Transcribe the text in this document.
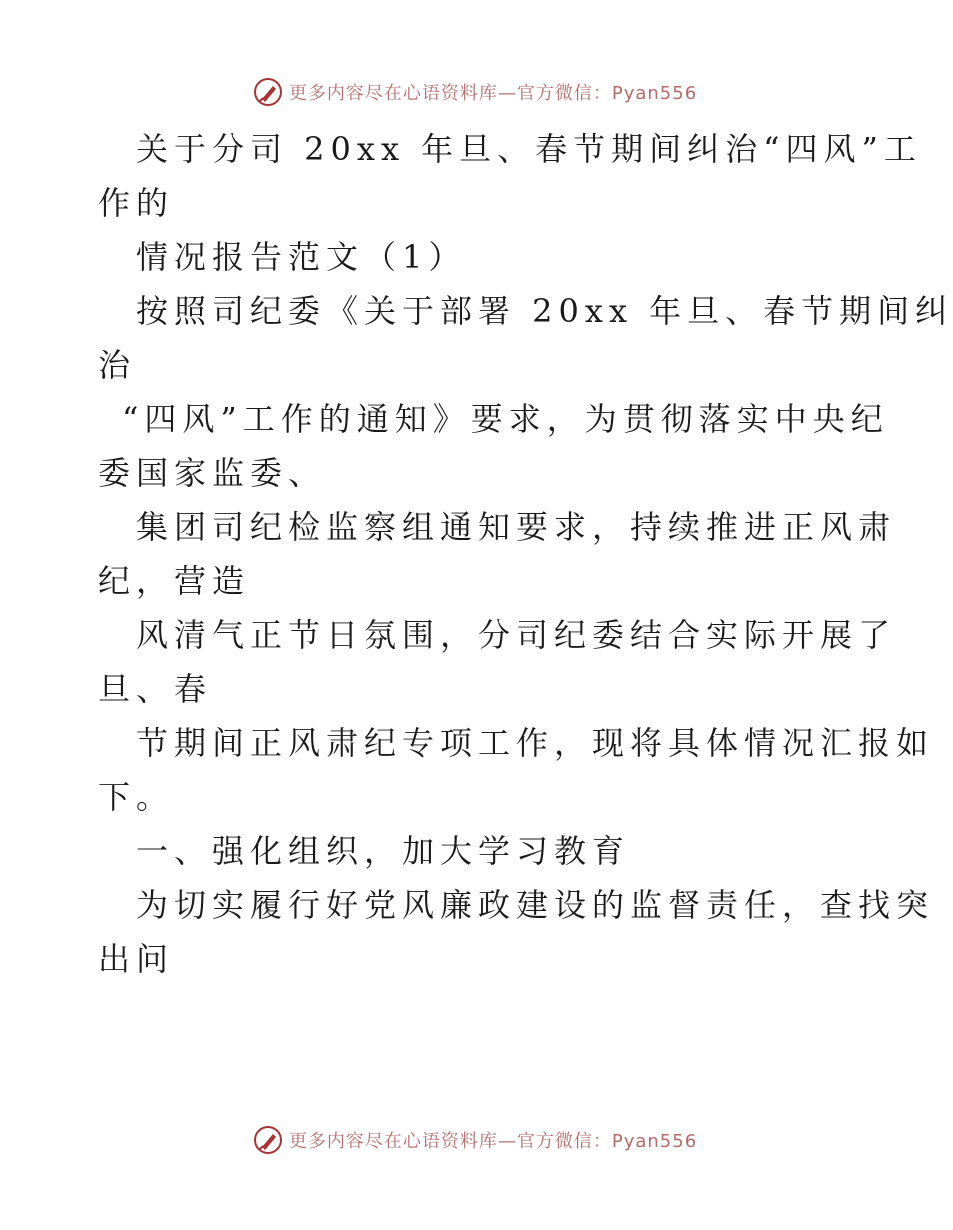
更多内容尽在心语资料库—官方微信：Pyan556
关于分司 20xx 年旦、春节期间纠治“四风”工
作的
情况报告范文（1）
按照司纪委《关于部署 20xx 年旦、春节期间纠
治
“四风”工作的通知》要求，为贯彻落实中央纪
委国家监委、
集团司纪检监察组通知要求，持续推进正风肃
纪，营造
风清气正节日氛围，分司纪委结合实际开展了
旦、春
节期间正风肃纪专项工作，现将具体情况汇报如
下。
一、强化组织，加大学习教育
为切实履行好党风廉政建设的监督责任，查找突
出问
更多内容尽在心语资料库—官方微信：Pyan556
